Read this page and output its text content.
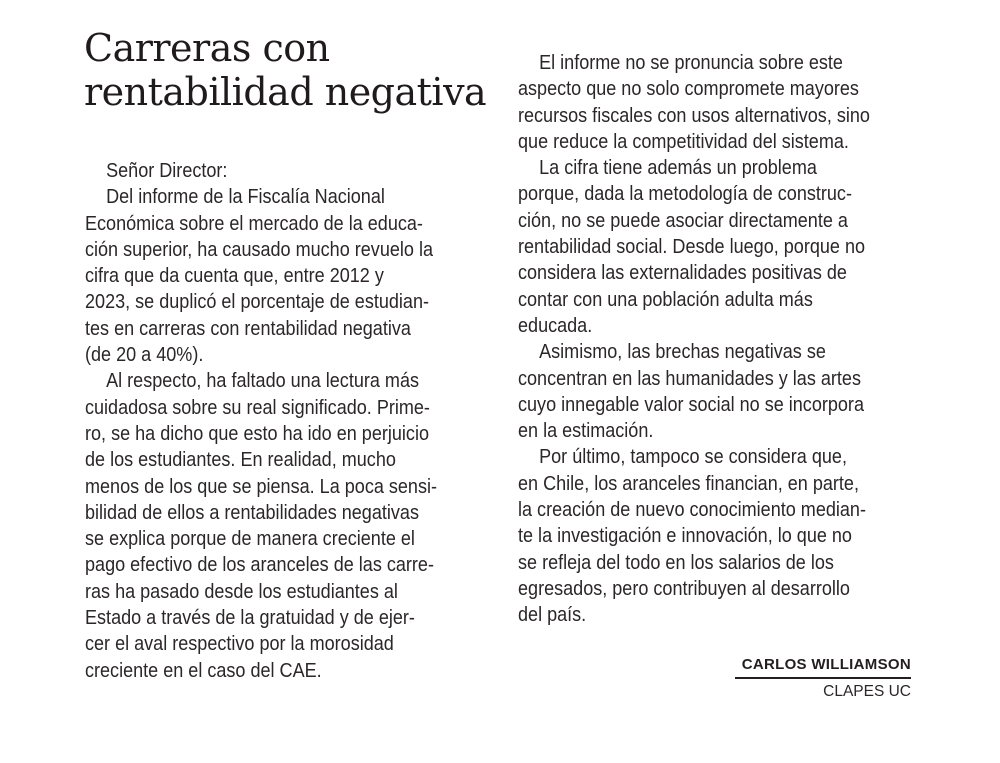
Carreras con
rentabilidad negativa
Señor Director:
Del informe de la Fiscalía Nacional
Económica sobre el mercado de la educa-
ción superior, ha causado mucho revuelo la
cifra que da cuenta que, entre 2012 y
2023, se duplicó el porcentaje de estudian-
tes en carreras con rentabilidad negativa
(de 20 a 40%).
Al respecto, ha faltado una lectura más
cuidadosa sobre su real significado. Prime-
ro, se ha dicho que esto ha ido en perjuicio
de los estudiantes. En realidad, mucho
menos de los que se piensa. La poca sensi-
bilidad de ellos a rentabilidades negativas
se explica porque de manera creciente el
pago efectivo de los aranceles de las carre-
ras ha pasado desde los estudiantes al
Estado a través de la gratuidad y de ejer-
cer el aval respectivo por la morosidad
creciente en el caso del CAE.
El informe no se pronuncia sobre este
aspecto que no solo compromete mayores
recursos fiscales con usos alternativos, sino
que reduce la competitividad del sistema.
La cifra tiene además un problema
porque, dada la metodología de construc-
ción, no se puede asociar directamente a
rentabilidad social. Desde luego, porque no
considera las externalidades positivas de
contar con una población adulta más
educada.
Asimismo, las brechas negativas se
concentran en las humanidades y las artes
cuyo innegable valor social no se incorpora
en la estimación.
Por último, tampoco se considera que,
en Chile, los aranceles financian, en parte,
la creación de nuevo conocimiento median-
te la investigación e innovación, lo que no
se refleja del todo en los salarios de los
egresados, pero contribuyen al desarrollo
del país.
CARLOS WILLIAMSON
CLAPES UC
